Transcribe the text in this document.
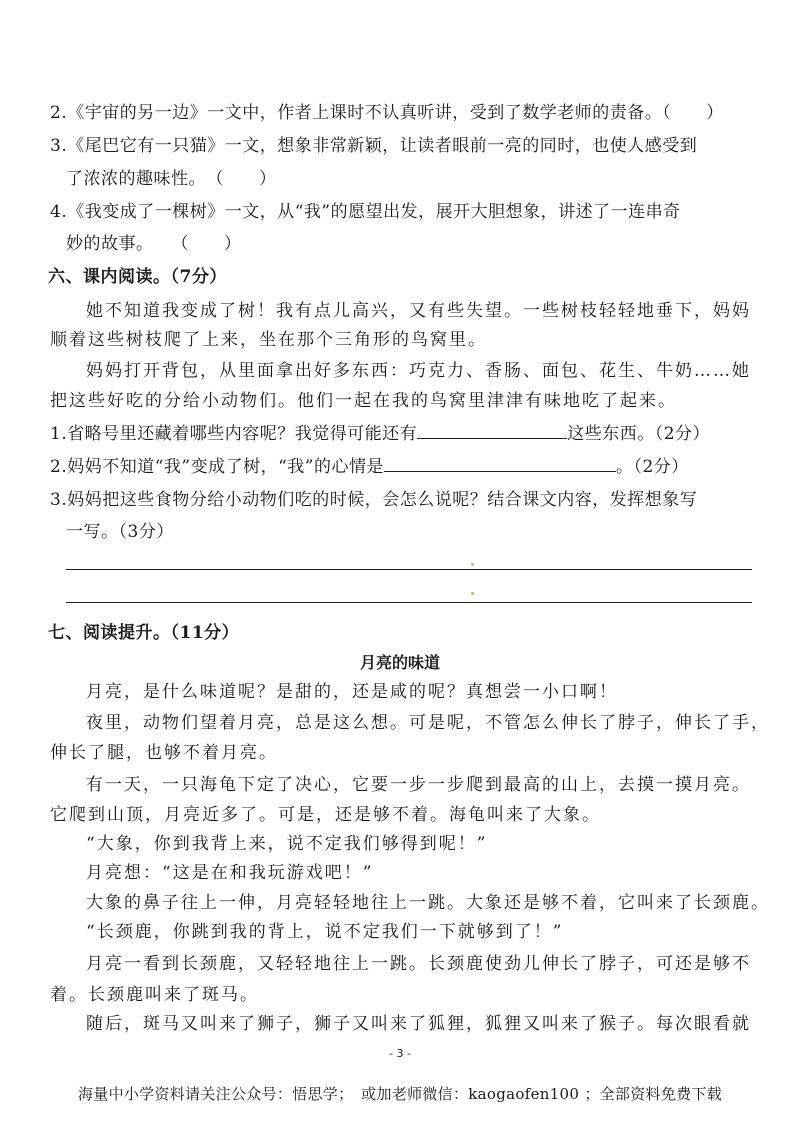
2.《宇宙的另一边》一文中，作者上课时不认真听讲，受到了数学老师的责备。（　　）
3.《尾巴它有一只猫》一文，想象非常新颖，让读者眼前一亮的同时，也使人感受到
了浓浓的趣味性。　（　　）
4.《我变成了一棵树》一文，从“我”的愿望出发，展开大胆想象，讲述了一连串奇
妙的故事。　　（　　）
六、课内阅读。（7分）
她不知道我变成了树！我有点儿高兴，又有些失望。一些树枝轻轻地垂下，妈妈
顺着这些树枝爬了上来，坐在那个三角形的鸟窝里。
妈妈打开背包，从里面拿出好多东西：巧克力、香肠、面包、花生、牛奶……她
把这些好吃的分给小动物们。他们一起在我的鸟窝里津津有味地吃了起来。
1.省略号里还藏着哪些内容呢？我觉得可能还有	这些东西。（2分）
2.妈妈不知道“我”变成了树，“我”的心情是	。（2分）
3.妈妈把这些食物分给小动物们吃的时候，会怎么说呢？结合课文内容，发挥想象写
一写。（3分）
七、阅读提升。（11分）
月亮的味道
月亮，是什么味道呢？是甜的，还是咸的呢？真想尝一小口啊！
夜里，动物们望着月亮，总是这么想。可是呢，不管怎么伸长了脖子，伸长了手，
伸长了腿，也够不着月亮。
有一天，一只海龟下定了决心，它要一步一步爬到最高的山上，去摸一摸月亮。
它爬到山顶，月亮近多了。可是，还是够不着。海龟叫来了大象。
“大象，你到我背上来，说不定我们够得到呢！”
月亮想：“这是在和我玩游戏吧！”
大象的鼻子往上一伸，月亮轻轻地往上一跳。大象还是够不着，它叫来了长颈鹿。
“长颈鹿，你跳到我的背上，说不定我们一下就够到了！”
月亮一看到长颈鹿，又轻轻地往上一跳。长颈鹿使劲儿伸长了脖子，可还是够不
着。长颈鹿叫来了斑马。
随后，斑马又叫来了狮子，狮子又叫来了狐狸，狐狸又叫来了猴子。每次眼看就
- 3 -
海量中小学资料请关注公众号：悟思学；　或加老师微信：kaogaofen100 ；全部资料免费下载
